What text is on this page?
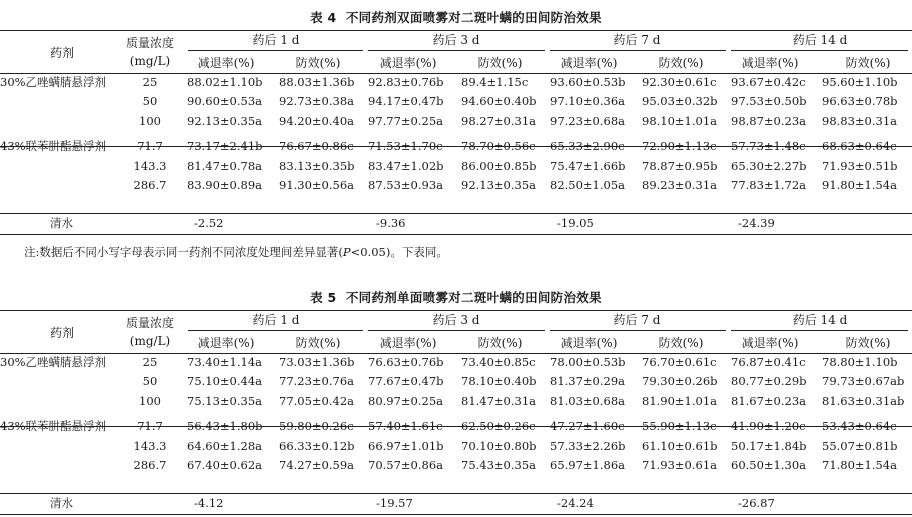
表 4  不同药剂双面喷雾对二斑叶螨的田间防治效果
药剂
质量浓度
(mg/L)
药后 1 d
减退率(%)	防效(%)
药后 3 d
减退率(%)	防效(%)
药后 7 d
减退率(%)	防效(%)
药后 14 d
减退率(%)	防效(%)
30%乙唑螨腈悬浮剂	25	88.02±1.10b 88.03±1.36b 92.83±0.76b 89.4±1.15c 93.60±0.53b 92.30±0.61c 93.67±0.42c 95.60±1.10b
50	90.60±0.53a 92.73±0.38a 94.17±0.47b 94.60±0.40b 97.10±0.36a 95.03±0.32b 97.53±0.50b 96.63±0.78b
100 92.13±0.35a 94.20±0.40a 97.77±0.25a 98.27±0.31a 97.23±0.68a 98.10±1.01a 98.87±0.23a 98.83±0.31a
43%联苯肼酯悬浮剂	71.7 73.17±2.41b 76.67±0.86c 71.53±1.70c 78.70±0.56c 65.33±2.90c 72.90±1.13c 57.73±1.48c 68.63±0.64c
143.3 81.47±0.78a 83.13±0.35b 83.47±1.02b 86.00±0.85b 75.47±1.66b 78.87±0.95b 65.30±2.27b 71.93±0.51b
286.7 83.90±0.89a 91.30±0.56a 87.53±0.93a 92.13±0.35a 82.50±1.05a 89.23±0.31a 77.83±1.72a 91.80±1.54a
清水	-2.52	-9.36	-19.05	-24.39
注:数据后不同小写字母表示同一药剂不同浓度处理间差异显著(P<0.05)。下表同。
表 5  不同药剂单面喷雾对二斑叶螨的田间防治效果
药剂
质量浓度
(mg/L)
药后 1 d
减退率(%)	防效(%)
药后 3 d
减退率(%)	防效(%)
药后 7 d
减退率(%)	防效(%)
药后 14 d
减退率(%)	防效(%)
30%乙唑螨腈悬浮剂	25	73.40±1.14a 73.03±1.36b 76.63±0.76b 73.40±0.85c 78.00±0.53b 76.70±0.61c 76.87±0.41c 78.80±1.10b
50	75.10±0.44a 77.23±0.76a 77.67±0.47b 78.10±0.40b 81.37±0.29a 79.30±0.26b 80.77±0.29b 79.73±0.67ab
100 75.13±0.35a 77.05±0.42a 80.97±0.25a 81.47±0.31a 81.03±0.68a 81.90±1.01a 81.67±0.23a 81.63±0.31ab
43%联苯肼酯悬浮剂	71.7 56.43±1.80b 59.80±0.26c 57.40±1.61c 62.50±0.26c 47.27±1.60c 55.90±1.13c 41.90±1.20c 53.43±0.64c
143.3 64.60±1.28a 66.33±0.12b 66.97±1.01b 70.10±0.80b 57.33±2.26b 61.10±0.61b 50.17±1.84b 55.07±0.81b
286.7 67.40±0.62a 74.27±0.59a 70.57±0.86a 75.43±0.35a 65.97±1.86a 71.93±0.61a 60.50±1.30a 71.80±1.54a
清水	-4.12	-19.57	-24.24	-26.87
